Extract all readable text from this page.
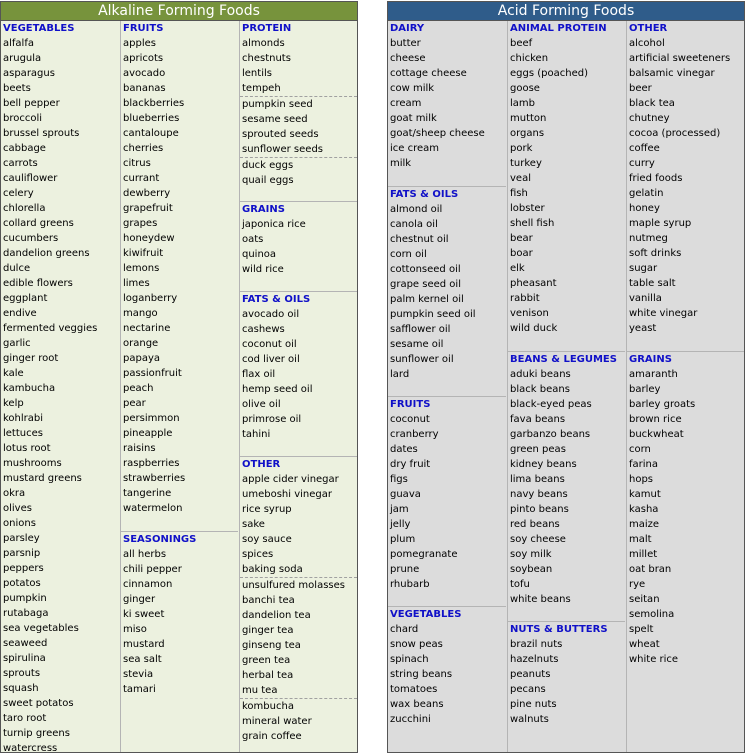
Alkaline Forming Foods
VEGETABLES
alfalfa
arugula
asparagus
beets
bell pepper
broccoli
brussel sprouts
cabbage
carrots
cauliflower
celery
chlorella
collard greens
cucumbers
dandelion greens
dulce
edible flowers
eggplant
endive
fermented veggies
garlic
ginger root
kale
kambucha
kelp
kohlrabi
lettuces
lotus root
mushrooms
mustard greens
okra
olives
onions
parsley
parsnip
peppers
potatos
pumpkin
rutabaga
sea vegetables
seaweed
spirulina
sprouts
squash
sweet potatos
taro root
turnip greens
watercress
FRUITS
apples
apricots
avocado
bananas
blackberries
blueberries
cantaloupe
cherries
citrus
currant
dewberry
grapefruit
grapes
honeydew
kiwifruit
lemons
limes
loganberry
mango
nectarine
orange
papaya
passionfruit
peach
pear
persimmon
pineapple
raisins
raspberries
strawberries
tangerine
watermelon
SEASONINGS
all herbs
chili pepper
cinnamon
ginger
ki sweet
miso
mustard
sea salt
stevia
tamari
PROTEIN
almonds
chestnuts
lentils
tempeh
pumpkin seed
sesame seed
sprouted seeds
sunflower seeds
duck eggs
quail eggs
GRAINS
japonica rice
oats
quinoa
wild rice
FATS & OILS
avocado oil
cashews
coconut oil
cod liver oil
flax oil
hemp seed oil
olive oil
primrose oil
tahini
OTHER
apple cider vinegar
umeboshi vinegar
rice syrup
sake
soy sauce
spices
baking soda
unsulfured molasses
banchi tea
dandelion tea
ginger tea
ginseng tea
green tea
herbal tea
mu tea
kombucha
mineral water
grain coffee
Acid Forming Foods
DAIRY
butter
cheese
cottage cheese
cow milk
cream
goat milk
goat/sheep cheese
ice cream
milk
FATS & OILS
almond oil
canola oil
chestnut oil
corn oil
cottonseed oil
grape seed oil
palm kernel oil
pumpkin seed oil
safflower oil
sesame oil
sunflower oil
lard
FRUITS
coconut
cranberry
dates
dry fruit
figs
guava
jam
jelly
plum
pomegranate
prune
rhubarb
VEGETABLES
chard
snow peas
spinach
string beans
tomatoes
wax beans
zucchini
ANIMAL PROTEIN
beef
chicken
eggs (poached)
goose
lamb
mutton
organs
pork
turkey
veal
fish
lobster
shell fish
bear
boar
elk
pheasant
rabbit
venison
wild duck
BEANS & LEGUMES
aduki beans
black beans
black-eyed peas
fava beans
garbanzo beans
green peas
kidney beans
lima beans
navy beans
pinto beans
red beans
soy cheese
soy milk
soybean
tofu
white beans
NUTS & BUTTERS
brazil nuts
hazelnuts
peanuts
pecans
pine nuts
walnuts
OTHER
alcohol
artificial sweeteners
balsamic vinegar
beer
black tea
chutney
cocoa (processed)
coffee
curry
fried foods
gelatin
honey
maple syrup
nutmeg
soft drinks
sugar
table salt
vanilla
white vinegar
yeast
GRAINS
amaranth
barley
barley groats
brown rice
buckwheat
corn
farina
hops
kamut
kasha
maize
malt
millet
oat bran
rye
seitan
semolina
spelt
wheat
white rice
